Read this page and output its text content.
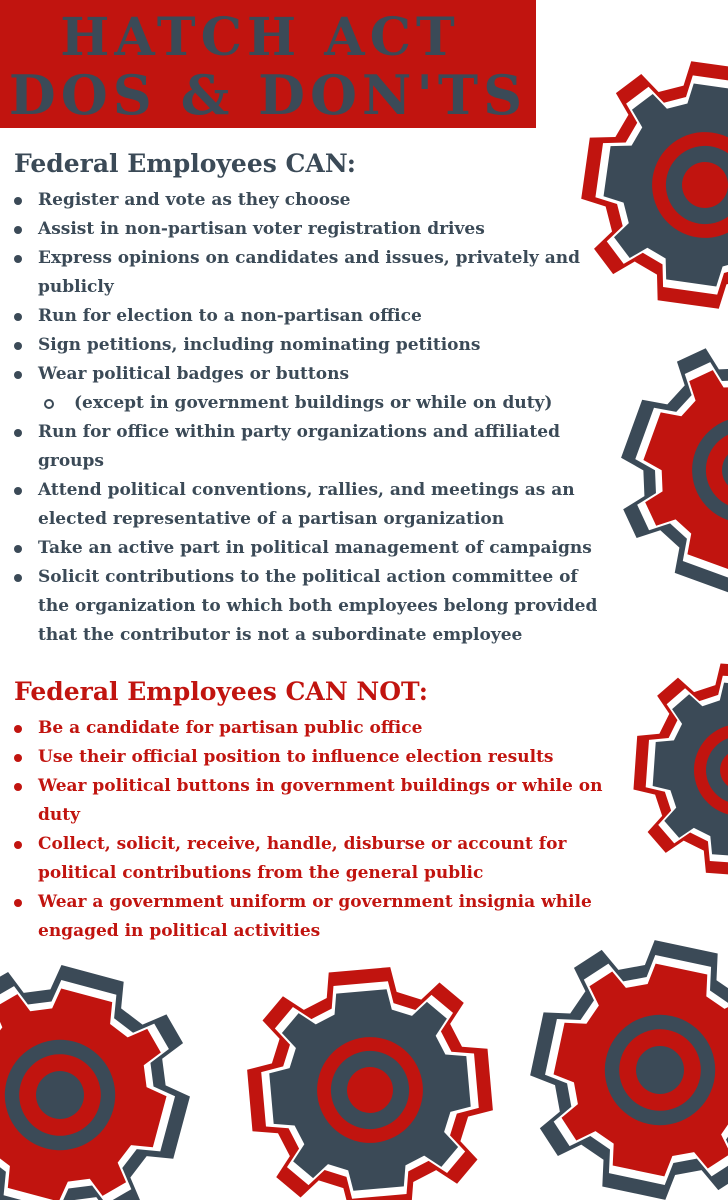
HATCH ACT
DOS & DON'TS
Federal Employees CAN:
Register and vote as they choose
Assist in non-partisan voter registration drives
Express opinions on candidates and issues, privately and publicly
Run for election to a non-partisan office
Sign petitions, including nominating petitions
Wear political badges or buttons
(except in government buildings or while on duty)
Run for office within party organizations and affiliated groups
Attend political conventions, rallies, and meetings as an elected representative of a partisan organization
Take an active part in political management of campaigns
Solicit contributions to the political action committee of the organization to which both employees belong provided that the contributor is not a subordinate employee
Federal Employees CAN NOT:
Be a candidate for partisan public office
Use their official position to influence election results
Wear political buttons in government buildings or while on duty
Collect, solicit, receive, handle, disburse or account for political contributions from the general public
Wear a government uniform or government insignia while engaged in political activities
